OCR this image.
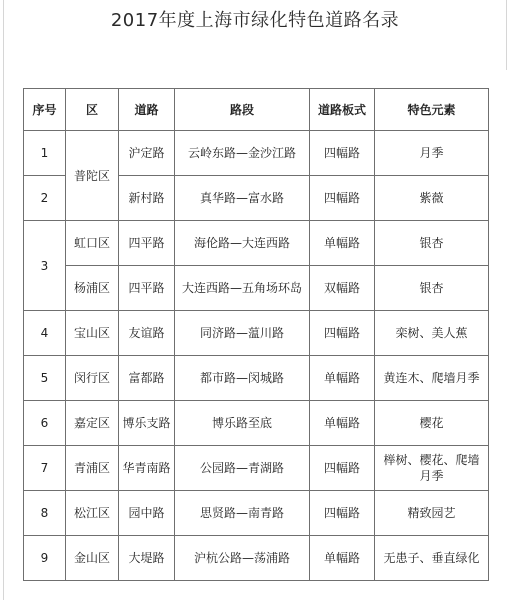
2017年度上海市绿化特色道路名录
序号	区	道路	路段	道路板式	特色元素
1	普陀区	沪定路	云岭东路—金沙江路	四幅路	月季
2		新村路	真华路—富水路	四幅路	紫薇
3	虹口区	四平路	海伦路—大连西路	单幅路	银杏
	杨浦区	四平路	大连西路—五角场环岛	双幅路	银杏
4	宝山区	友谊路	同济路—蕰川路	四幅路	栾树、美人蕉
5	闵行区	富都路	都市路—闵城路	单幅路	黄连木、爬墙月季
6	嘉定区	博乐支路	博乐路至底	单幅路	樱花
7	青浦区	华青南路	公园路—青湖路	四幅路	榉树、樱花、爬墙月季
8	松江区	园中路	思贤路—南青路	四幅路	精致园艺
9	金山区	大堤路	沪杭公路—荡浦路	单幅路	无患子、垂直绿化
